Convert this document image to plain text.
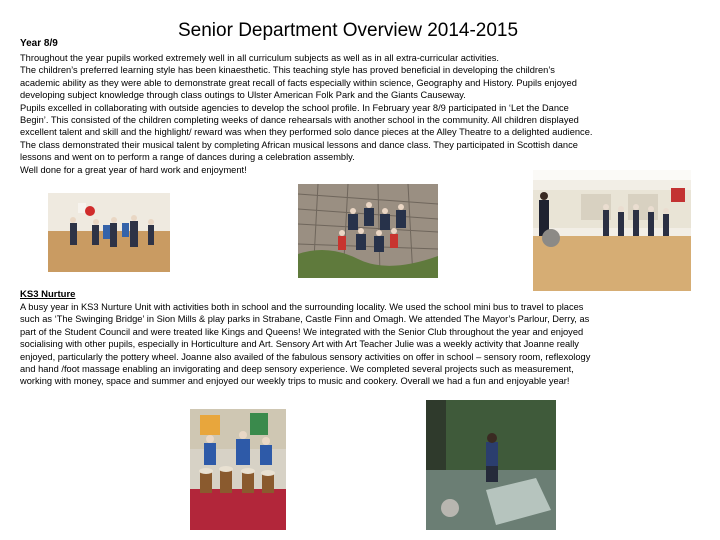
Senior Department Overview 2014-2015
Year 8/9
Throughout the year pupils worked extremely well in all curriculum subjects as well as in all extra-curricular activities.
The children’s preferred learning style has been kinaesthetic. This teaching style has proved beneficial in developing the children’s
academic ability as they were able to demonstrate great recall of facts especially within science, Geography and History. Pupils enjoyed
developing subject knowledge through class outings to Ulster American Folk Park and the Giants Causeway.
Pupils excelled in collaborating with outside agencies to develop the school profile. In February year 8/9 participated in ‘Let the Dance
Begin’. This consisted of the children completing weeks of dance rehearsals with another school in the community. All children displayed
excellent talent and skill and the highlight/ reward was when they performed solo dance pieces at the Alley Theatre to a delighted audience.
The class demonstrated their musical talent by completing African musical lessons and dance class. They participated in Scottish dance
lessons and went on to perform a range of dances during a celebration assembly.
Well done for a great year of hard work and enjoyment!
KS3 Nurture
A busy year in KS3 Nurture Unit with activities both in school and the surrounding locality. We used the school mini bus to travel to places
such as ‘The Swinging Bridge’ in Sion Mills & play parks in Strabane, Castle Finn and Omagh. We attended The Mayor’s Parlour, Derry, as
part of the Student Council and were treated like Kings and Queens! We integrated with the Senior Club throughout the year and enjoyed
socialising with other pupils, especially in Horticulture and Art. Sensory Art with Art Teacher Julie was a weekly activity that Joanne really
enjoyed, particularly the pottery wheel. Joanne also availed of the fabulous sensory activities on offer in school – sensory room, reflexology
and hand /foot massage enabling an invigorating and deep sensory experience. We completed several projects such as measurement,
working with money, space and summer and enjoyed our weekly trips to music and cookery. Overall we had a fun and enjoyable year!
